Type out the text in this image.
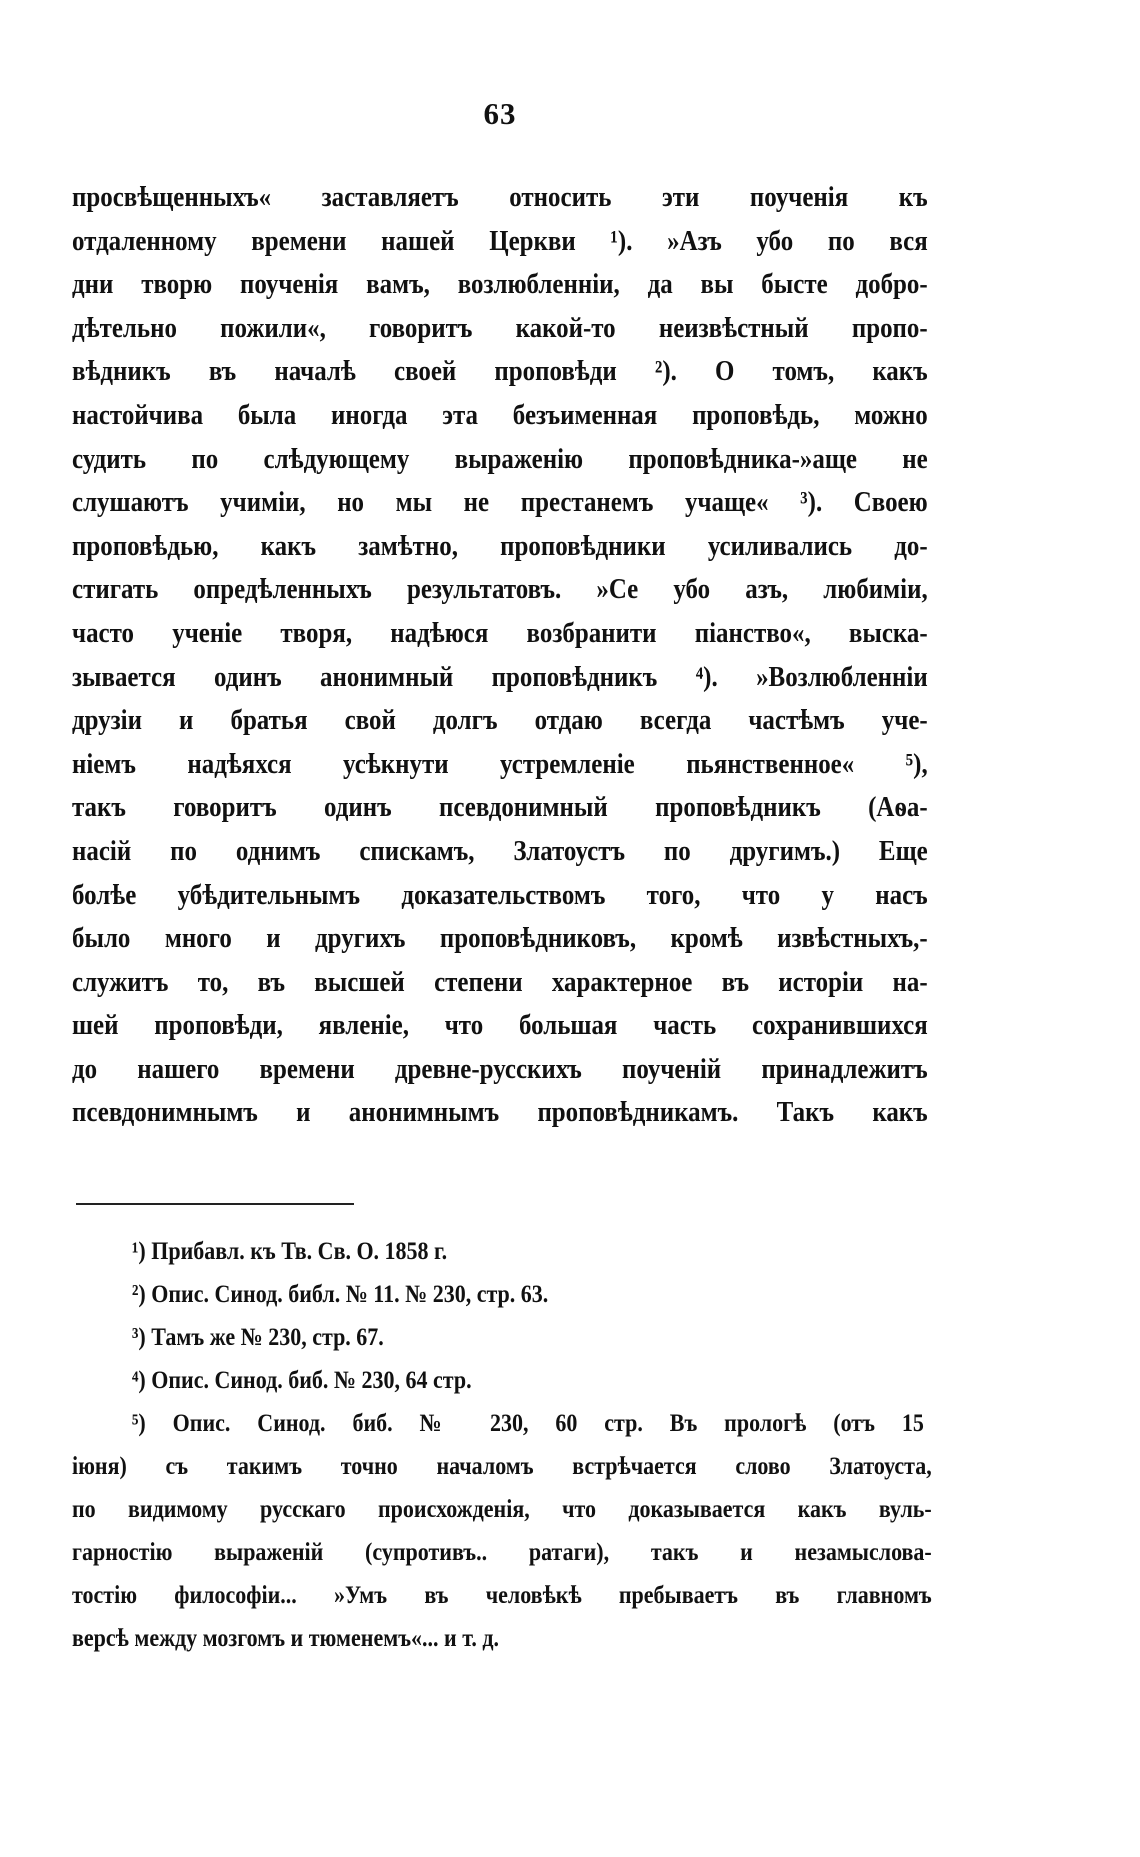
63
просвѣщенныхъ« заставляетъ относить эти поученія къ
отдаленному времени нашей Церкви ¹). »Азъ убо по вся
дни творю поученія вамъ, возлюбленніи, да вы бысте добро-
дѣтельно пожили«, говоритъ какой-то неизвѣстный пропо-
вѣдникъ въ началѣ своей проповѣди ²). О томъ, какъ
настойчива была иногда эта безъименная проповѣдь, можно
судить по слѣдующему выраженію проповѣдника-»аще не
слушаютъ учиміи, но мы не престанемъ учаще« ³). Своею
проповѣдью, какъ замѣтно, проповѣдники усиливались до-
стигать опредѣленныхъ результатовъ. »Се убо азъ, любиміи,
часто ученіе творя, надѣюся возбранити піанство«, выска-
зывается одинъ анонимный проповѣдникъ ⁴). »Возлюбленніи
друзіи и братья свой долгъ отдаю всегда частѣмъ уче-
ніемъ надѣяхся усѣкнути устремленіе пьянственное« ⁵),
такъ говоритъ одинъ псевдонимный проповѣдникъ (Аѳа-
насій по однимъ спискамъ, Златоустъ по другимъ.) Еще
болѣе убѣдительнымъ доказательствомъ того, что у насъ
было много и другихъ проповѣдниковъ, кромѣ извѣстныхъ,-
служитъ то, въ высшей степени характерное въ исторіи на-
шей проповѣди, явленіе, что большая часть сохранившихся
до нашего времени древне-русскихъ поученій принадлежитъ
псевдонимнымъ и анонимнымъ проповѣдникамъ. Такъ какъ
¹) Прибавл. къ Тв. Св. О. 1858 г.
²) Опис. Синод. библ. № 11. № 230, стр. 63.
³) Тамъ же № 230, стр. 67.
⁴) Опис. Синод. биб. № 230, 64 стр.
⁵) Опис. Синод. биб. № 230, 60 стр. Въ прологѣ (отъ 15
іюня) съ такимъ точно началомъ встрѣчается слово Златоуста,
по видимому русскаго происхожденія, что доказывается какъ вуль-
гарностію выраженій (супротивъ.. ратаги), такъ и незамыслова-
тостію философіи... »Умъ въ человѣкѣ пребываетъ въ главномъ
версѣ между мозгомъ и тюменемъ«... и т. д.
